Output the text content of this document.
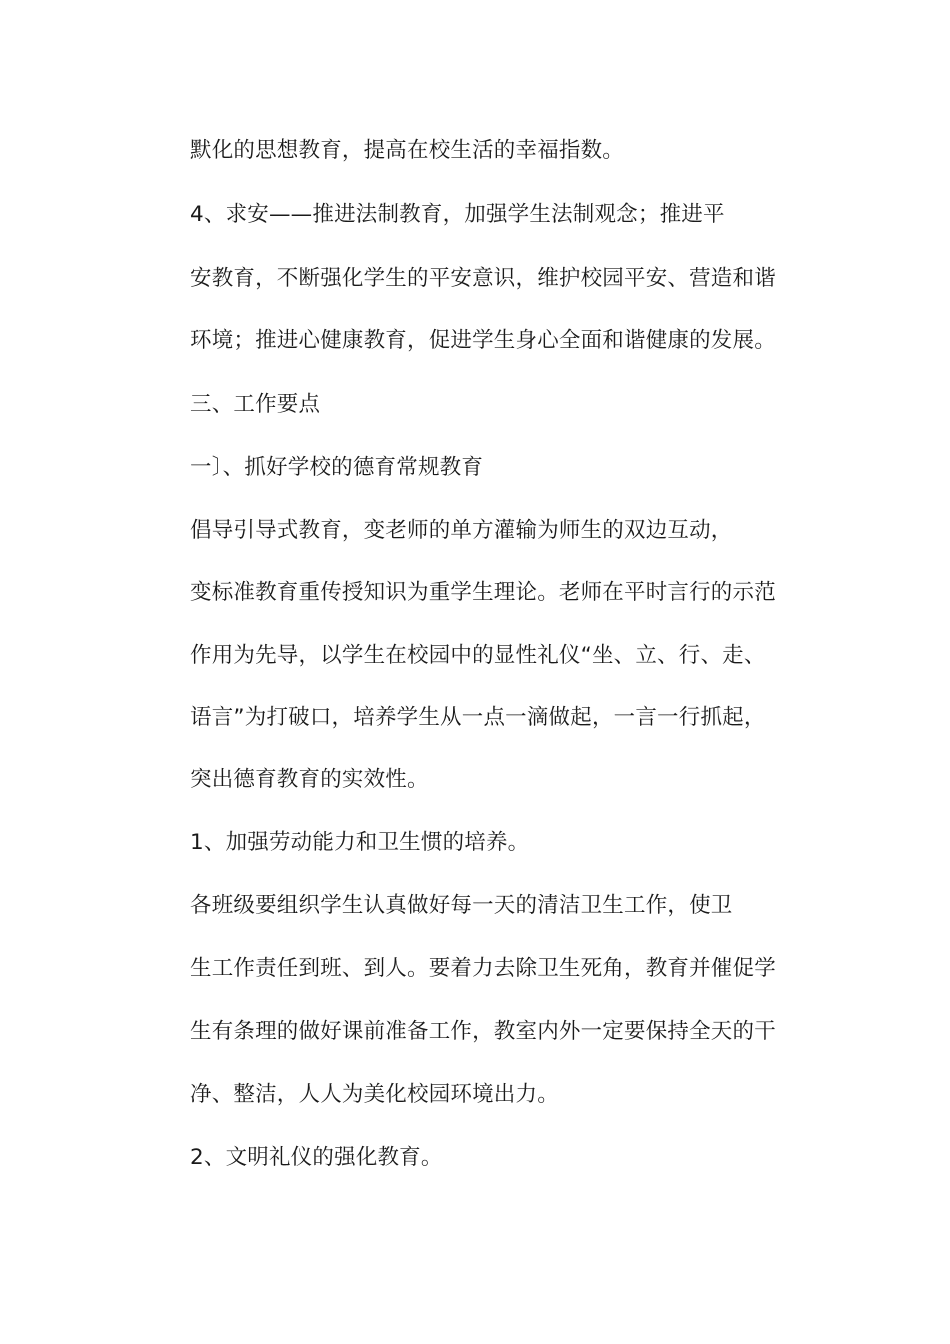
默化的思想教育，提高在校生活的幸福指数。
4、求安——推进法制教育，加强学生法制观念；推进平
安教育，不断强化学生的平安意识，维护校园平安、营造和谐
环境；推进心健康教育，促进学生身心全面和谐健康的发展。
三、工作要点
一〕、抓好学校的德育常规教育
倡导引导式教育，变老师的单方灌输为师生的双边互动，
变标准教育重传授知识为重学生理论。老师在平时言行的示范
作用为先导，以学生在校园中的显性礼仪“坐、立、行、走、
语言”为打破口，培养学生从一点一滴做起，一言一行抓起，
突出德育教育的实效性。
1、加强劳动能力和卫生惯的培养。
各班级要组织学生认真做好每一天的清洁卫生工作，使卫
生工作责任到班、到人。要着力去除卫生死角，教育并催促学
生有条理的做好课前准备工作，教室内外一定要保持全天的干
净、整洁，人人为美化校园环境出力。
2、文明礼仪的强化教育。
